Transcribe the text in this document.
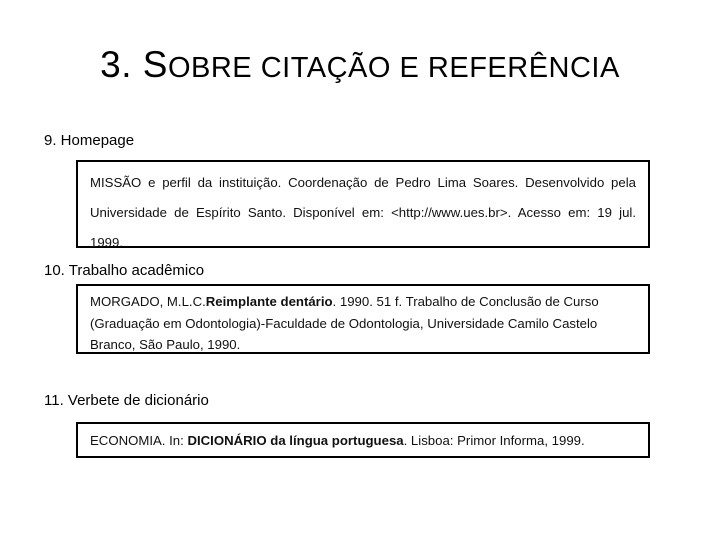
3. SOBRE CITAÇÃO E REFERÊNCIA
9. Homepage

MISSÃO e perfil da instituição. Coordenação de Pedro Lima Soares. Desenvolvido pela Universidade de Espírito Santo. Disponível em: <http://www.ues.br>. Acesso em: 19 jul. 1999.

10. Trabalho acadêmico

MORGADO, M.L.C.Reimplante dentário. 1990. 51 f. Trabalho de Conclusão de Curso (Graduação em Odontologia)-Faculdade de Odontologia, Universidade Camilo Castelo Branco, São Paulo, 1990.

11. Verbete de dicionário

ECONOMIA. In: DICIONÁRIO da língua portuguesa. Lisboa: Primor Informa, 1999.
